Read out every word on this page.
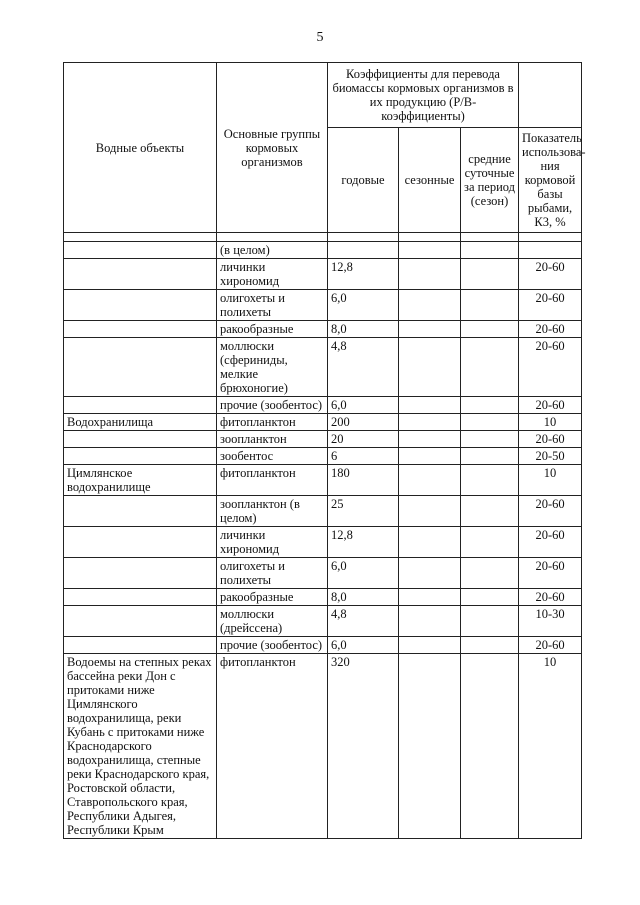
5
Водные объекты	Основные группы кормовых организмов	Коэффициенты для перевода биомассы кормовых организмов в их продукцию (P/B-коэффициенты)			
		годовые	сезонные	средние суточные за период (сезон)	Показатель использова-ния кормовой базы рыбами, К3, %

	(в целом)				
	личинки хирономид	12,8			20-60
	олигохеты и полихеты	6,0			20-60
	ракообразные	8,0			20-60
	моллюски (сфериниды, мелкие брюхоногие)	4,8			20-60
	прочие (зообентос)	6,0			20-60
Водохранилища	фитопланктон	200			10
	зоопланктон	20			20-60
	зообентос	6			20-50
Цимлянское водохранилище	фитопланктон	180			10
	зоопланктон (в целом)	25			20-60
	личинки хирономид	12,8			20-60
	олигохеты и полихеты	6,0			20-60
	ракообразные	8,0			20-60
	моллюски (дрейссена)	4,8			10-30
	прочие (зообентос)	6,0			20-60
Водоемы на степных реках бассейна реки Дон с притоками ниже Цимлянского водохранилища, реки Кубань с притоками ниже Краснодарского водохранилища, степные реки Краснодарского края, Ростовской области, Ставропольского края, Республики Адыгея, Республики Крым	фитопланктон	320			10
